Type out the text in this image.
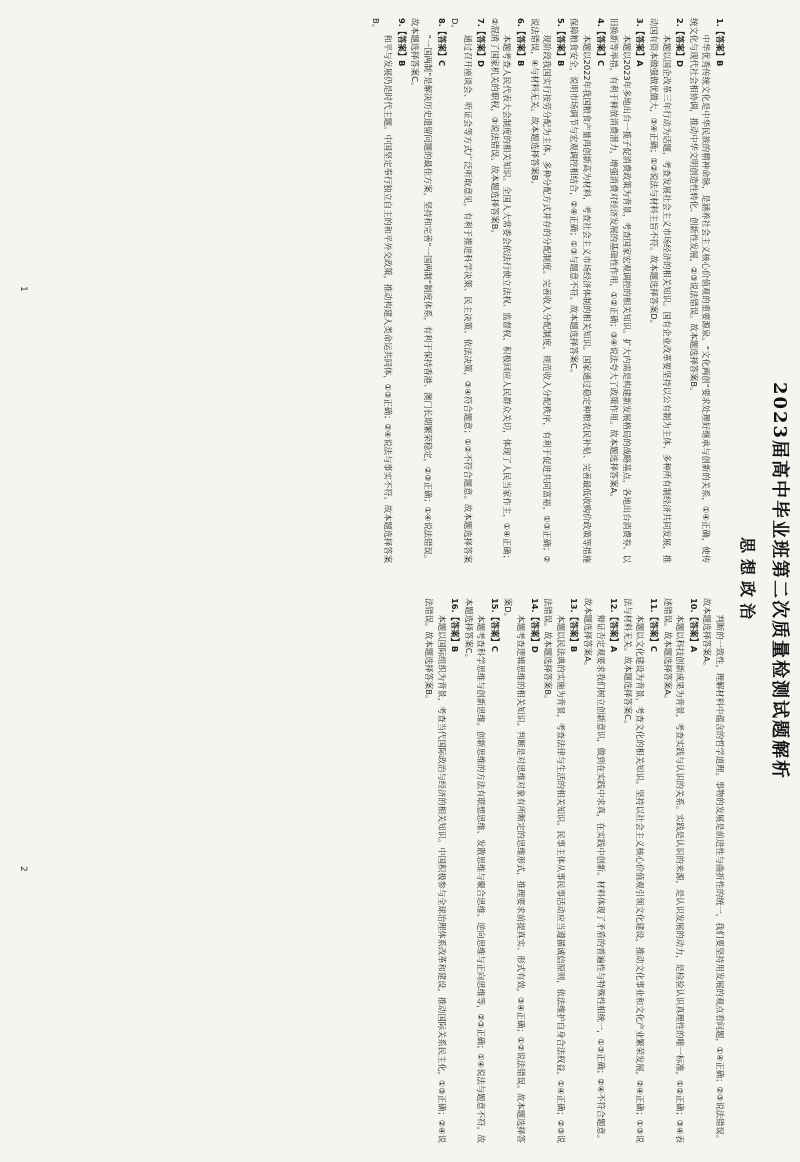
2023届高中毕业班第二次质量检测试题解析
思想政治

1.【答案】B

中华优秀传统文化是中华民族的精神命脉，是涵养社会主义核心价值观的重要源泉。“文化两创”要求处理好继承与创新的关系，①④正确，使传统文化与现代社会相协调，推动中华文明创造性转化、创新性发展，②③说法错误。故本题选择答案B。

2.【答案】D

本题以国企改革三年行动为话题，考查发展社会主义市场经济的相关知识。国有企业改革要坚持以公有制为主体、多种所有制经济共同发展，推动国有资本做强做优做大，③④正确；①②说法与材料主旨不符。故本题选择答案D。

3.【答案】A

本题以2023年多地出台一揽子促消费政策为背景，考查国家宏观调控的相关知识。扩大内需是构建新发展格局的战略基点，各地出台消费券、以旧换新等举措，有利于释放消费潜力，增强消费对经济发展的基础性作用，①②正确；③④说法夸大了政策作用。故本题选择答案A。

4.【答案】C

本题以2022年我国粮食产量再创新高为材料，考查社会主义市场经济体制的相关知识。国家通过稳定种粮农民补贴、完善最低收购价政策等措施保障粮食安全，说明市场调节与宏观调控相结合，②④正确；①③与题意不符。故本题选择答案C。

5.【答案】B

现阶段我国实行按劳分配为主体、多种分配方式并存的分配制度。完善收入分配制度，规范收入分配秩序，有利于促进共同富裕，①③正确；②说法错误，④与材料无关。故本题选择答案B。

6.【答案】B

本题考查人民代表大会制度的相关知识。全国人大常委会依法行使立法权、监督权，积极回应人民群众关切，体现了人民当家作主，①④正确；②混淆了国家机关的职权，③说法错误。故本题选择答案B。

7.【答案】D

通过召开座谈会、听证会等方式广泛听取意见，有利于推进科学决策、民主决策、依法决策，③④符合题意；①②不符合题意。故本题选择答案D。

8.【答案】C

“一国两制”是解决历史遗留问题的最佳方案，坚持和完善“一国两制”制度体系，有利于保持香港、澳门长期繁荣稳定，②③正确；①④说法错误。故本题选择答案C。

9.【答案】B

和平与发展仍是时代主题。中国坚定奉行独立自主的和平外交政策，推动构建人类命运共同体，①③正确；②④说法与事实不符。故本题选择答案B。

判断的一致性，理解材料中蕴含的哲学道理。事物的发展是前进性与曲折性的统一，我们要坚持用发展的观点看问题，①④正确；②③说法错误。故本题选择答案A。

10.【答案】A

本题以科技创新成果为背景，考查实践与认识的关系。实践是认识的来源，是认识发展的动力，是检验认识真理性的唯一标准，①②正确；③④表述错误。故本题选择答案A。

11.【答案】C

本题以文化建设为背景，考查文化的相关知识。坚持以社会主义核心价值观引领文化建设，推动文化事业和文化产业繁荣发展，②④正确；①③说法与材料无关。故本题选择答案C。

12.【答案】A

辩证否定观要求我们树立创新意识，做到在实践中求真，在实践中创新。材料体现了矛盾的普遍性与特殊性相统一，①③正确；②④不符合题意。故本题选择答案A。

13.【答案】B

本题以民法典的实施为背景，考查法律与生活的相关知识。民事主体从事民事活动应当遵循诚信原则，依法维护自身合法权益，①④正确；②③说法错误。故本题选择答案B。

14.【答案】D

本题考查逻辑思维的相关知识。判断是对思维对象有所断定的思维形式，推理要求前提真实、形式有效，③④正确；①②说法错误。故本题选择答案D。

15.【答案】C

本题考查科学思维与创新思维。创新思维的方法有联想思维、发散思维与聚合思维、逆向思维与正向思维等，②③正确；①④说法与题意不符。故本题选择答案C。

16.【答案】B

本题以国际组织为背景，考查当代国际政治与经济的相关知识。中国积极参与全球治理体系改革和建设，推动国际关系民主化，①③正确；②④说法错误。故本题选择答案B。

1
2
